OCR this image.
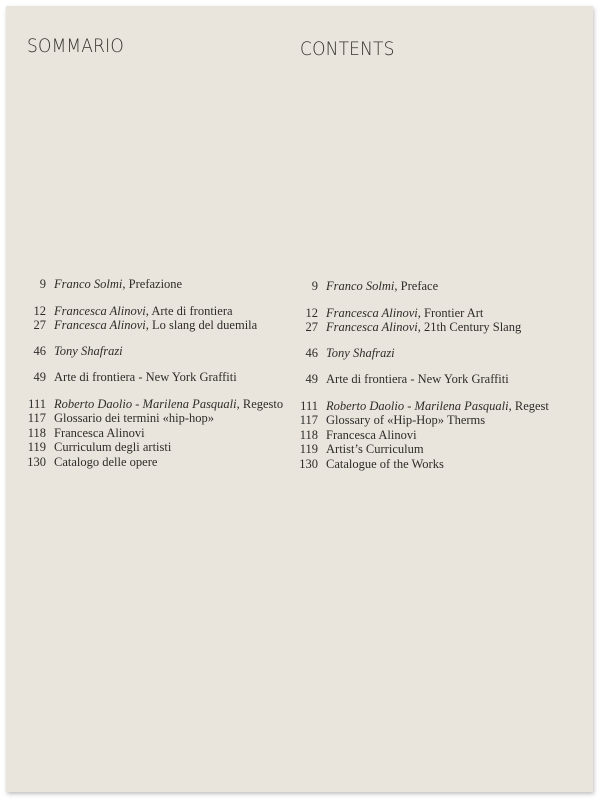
SOMMARIO	CONTENTS
9 Franco Solmi, Prefazione
12 Francesca Alinovi, Arte di frontiera
27 Francesca Alinovi, Lo slang del duemila
46 Tony Shafrazi
49 Arte di frontiera - New York Graffiti
111 Roberto Daolio - Marilena Pasquali, Regesto
117 Glossario dei termini «hip-hop»
118 Francesca Alinovi
119 Curriculum degli artisti
130 Catalogo delle opere
9 Franco Solmi, Preface
12 Francesca Alinovi, Frontier Art
27 Francesca Alinovi, 21th Century Slang
46 Tony Shafrazi
49 Arte di frontiera - New York Graffiti
111 Roberto Daolio - Marilena Pasquali, Regest
117 Glossary of «Hip-Hop» Therms
118 Francesca Alinovi
119 Artist’s Curriculum
130 Catalogue of the Works
